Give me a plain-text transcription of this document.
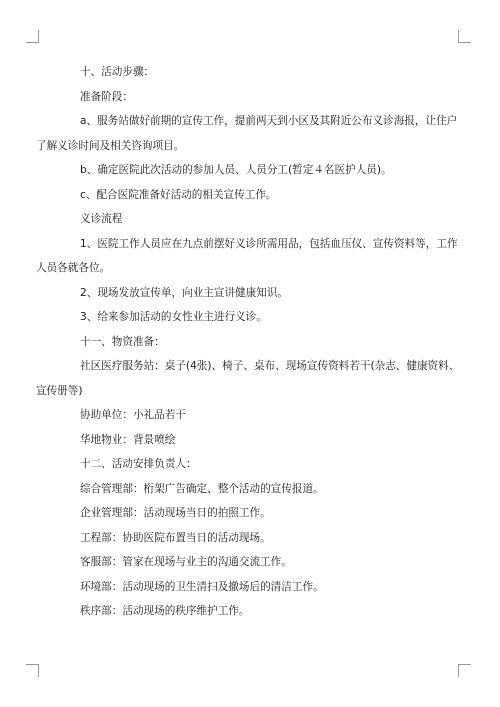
十、活动步骤：

准备阶段：

a、服务站做好前期的宣传工作，提前两天到小区及其附近公布义诊海报，让住户了解义诊时间及相关咨询项目。

b、确定医院此次活动的参加人员、人员分工(暂定４名医护人员)。

c、配合医院准备好活动的相关宣传工作。

义诊流程

1、医院工作人员应在九点前摆好义诊所需用品，包括血压仪、宣传资料等，工作人员各就各位。

2、现场发放宣传单，向业主宣讲健康知识。

3、给来参加活动的女性业主进行义诊。

十一、物资准备：

社区医疗服务站：桌子(4张)、椅子、桌布、现场宣传资料若干(杂志、健康资料、宣传册等)

协助单位：小礼品若干

华地物业：背景喷绘

十二、活动安排负责人：

综合管理部：桁架广告确定、整个活动的宣传报道。

企业管理部：活动现场当日的拍照工作。

工程部：协助医院布置当日的活动现场。

客服部：管家在现场与业主的沟通交流工作。

环境部：活动现场的卫生清扫及撤场后的清洁工作。

秩序部：活动现场的秩序维护工作。
